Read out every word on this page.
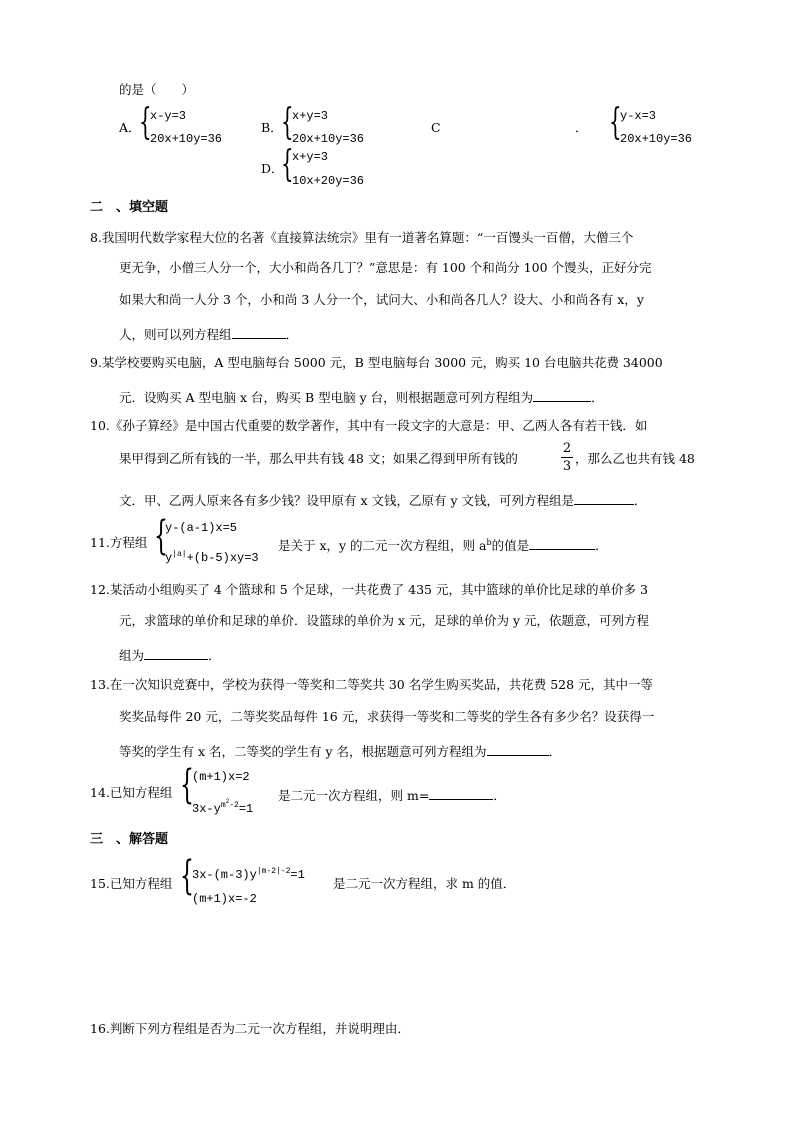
的是（　　）
A．
{
x-y=3
20x+10y=36
B．
{
x+y=3
20x+10y=36
C	． {
y-x=3
20x+10y=36
D．
{
x+y=3
10x+20y=36
二　、填空题
8.我国明代数学家程大位的名著《直接算法统宗》里有一道著名算题：“一百馒头一百僧，大僧三个
更无争，小僧三人分一个，大小和尚各几丁？”意思是：有 100 个和尚分 100 个馒头，正好分完
如果大和尚一人分 3 个，小和尚 3 人分一个，试问大、小和尚各几人？设大、小和尚各有 x，y
人，则可以列方程组	．
9.某学校要购买电脑，A 型电脑每台 5000 元，B 型电脑每台 3000 元，购买 10 台电脑共花费 34000
元．设购买 A 型电脑 x 台，购买 B 型电脑 y 台，则根据题意可列方程组为	．
10.《孙子算经》是中国古代重要的数学著作，其中有一段文字的大意是：甲、乙两人各有若干钱．如
果甲得到乙所有钱的一半，那么甲共有钱 48 文；如果乙得到甲所有钱的
2
3
，那么乙也共有钱 48
文．甲、乙两人原来各有多少钱？设甲原有 x 文钱，乙原有 y 文钱，可列方程组是	．
11.方程组 {
y-(a-1)x=5
$y^{|a|}+(b-5)xy=3$
是关于 x，y 的二元一次方程组，则 $a^b$的值是	．
12.某活动小组购买了 4 个篮球和 5 个足球，一共花费了 435 元，其中篮球的单价比足球的单价多 3
元，求篮球的单价和足球的单价．设篮球的单价为 x 元，足球的单价为 y 元，依题意，可列方程
组为	．
13.在一次知识竞赛中，学校为获得一等奖和二等奖共 30 名学生购买奖品，共花费 528 元，其中一等
奖奖品每件 20 元，二等奖奖品每件 16 元，求获得一等奖和二等奖的学生各有多少名？设获得一
等奖的学生有 x 名，二等奖的学生有 y 名，根据题意可列方程组为	．
14.已知方程组 {
(m+1)x=2
$3x-y^{m^2-2}=1$
是二元一次方程组，则 m=	．
三　、解答题
15.已知方程组 {
$3x-(m-3)y^{|m-2|-2}=1$
(m+1)x=-2
是二元一次方程组，求 m 的值．
16.判断下列方程组是否为二元一次方程组，并说明理由．
